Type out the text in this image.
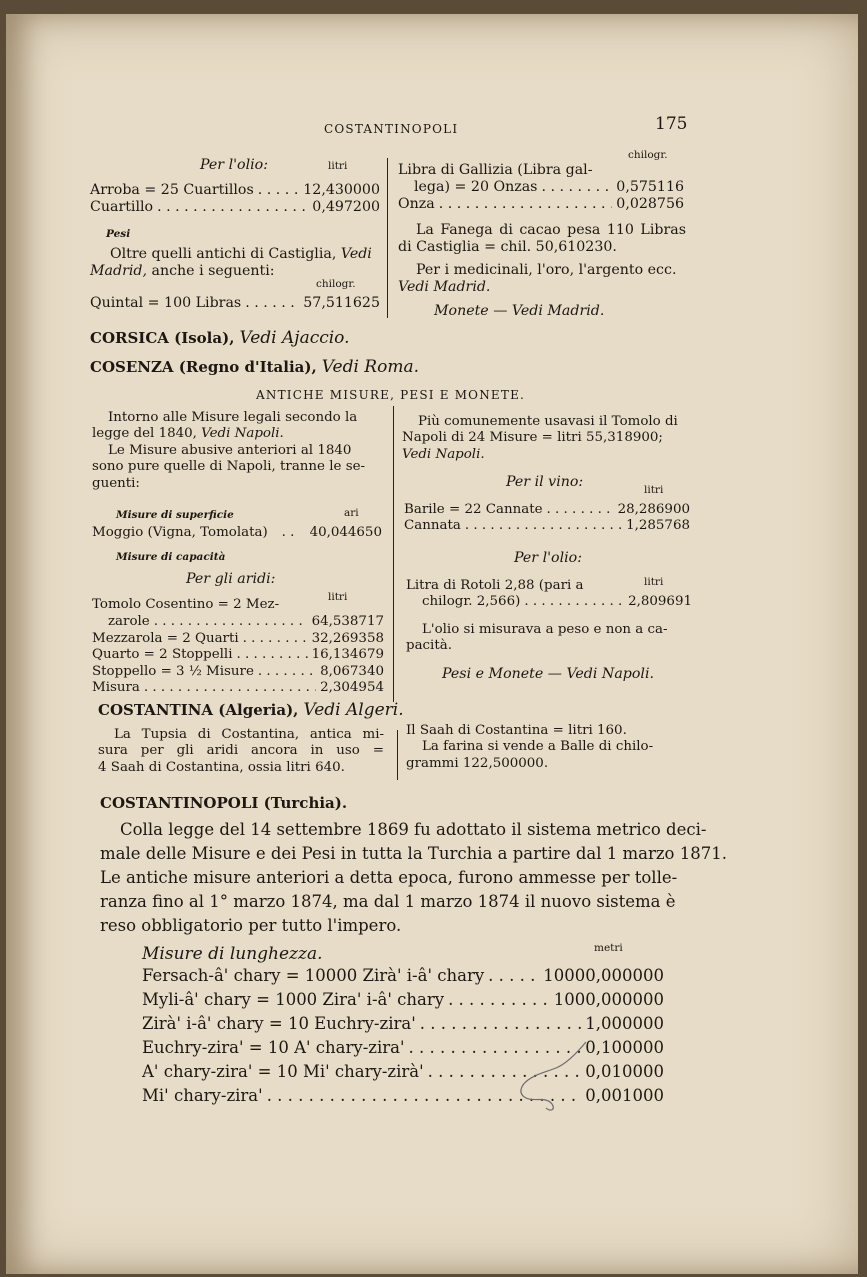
COSTANTINOPOLI	175
Per l'olio:	litri
Arroba = 25 Cuartillos . . .	12,430000
Cuartillo . . .	0,497200
Pesi
Oltre quelli antichi di Castiglia, Vedi
Madrid, anche i seguenti:
chilogr.
Quintal = 100 Libras . . .	57,511625
chilogr.
Libra di Gallizia (Libra gal-
lega) = 20 Onzas . . .	0,575116
Onza . . .	0,028756
La Fanega di cacao pesa 110 Libras di Castiglia = chil. 50,610230.
Per i medicinali, l'oro, l'argento ecc.
Vedi Madrid.
Monete — Vedi Madrid.
CORSICA (Isola), Vedi Ajaccio.
COSENZA (Regno d'Italia), Vedi Roma.
ANTICHE MISURE, PESI E MONETE.
Intorno alle Misure legali secondo la
legge del 1840, Vedi Napoli.
Le Misure abusive anteriori al 1840
sono pure quelle di Napoli, tranne le se-
guenti:
Misure di superficie	ari
Moggio (Vigna, Tomolata) . . .	40,044650
Misure di capacità
Per gli aridi:
litri
Tomolo Cosentino = 2 Mez-
zarole . . .	64,538717
Mezzarola = 2 Quarti . . .	32,269358
Quarto = 2 Stoppelli . . .	16,134679
Stoppello = 3 ½ Misure . . .	8,067340
Misura . . .	2,304954
Più comunemente usavasi il Tomolo di
Napoli di 24 Misure = litri 55,318900;
Vedi Napoli.
Per il vino:	litri
Barile = 22 Cannate . . .	28,286900
Cannata . . .	1,285768
Per l'olio:
Litra di Rotoli 2,88 (pari a	litri
chilogr. 2,566) . . .	2,809691
L'olio si misurava a peso e non a ca-
pacità.
Pesi e Monete — Vedi Napoli.
COSTANTINA (Algeria), Vedi Algeri.
La Tupsia di Costantina, antica mi-
sura per gli aridi ancora in uso =
4 Saah di Costantina, ossia litri 640.
Il Saah di Costantina = litri 160.
La farina si vende a Balle di chilo-
grammi 122,500000.
COSTANTINOPOLI (Turchia).
Colla legge del 14 settembre 1869 fu adottato il sistema metrico deci-
male delle Misure e dei Pesi in tutta la Turchia a partire dal 1 marzo 1871.
Le antiche misure anteriori a detta epoca, furono ammesse per tolle-
ranza fino al 1° marzo 1874, ma dal 1 marzo 1874 il nuovo sistema è
reso obbligatorio per tutto l'impero.
Misure di lunghezza.	metri
Fersach-â' chary = 10000 Zirà' i-â' chary . . .	10000,000000
Myli-â' chary = 1000 Zira' i-â' chary . . .	1000,000000
Zirà' i-â' chary = 10 Euchry-zira' . . .	1,000000
Euchry-zira' = 10 A' chary-zira' . . .	0,100000
A' chary-zira' = 10 Mi' chary-zirà' . . .	0,010000
Mi' chary-zira' . . .	0,001000
